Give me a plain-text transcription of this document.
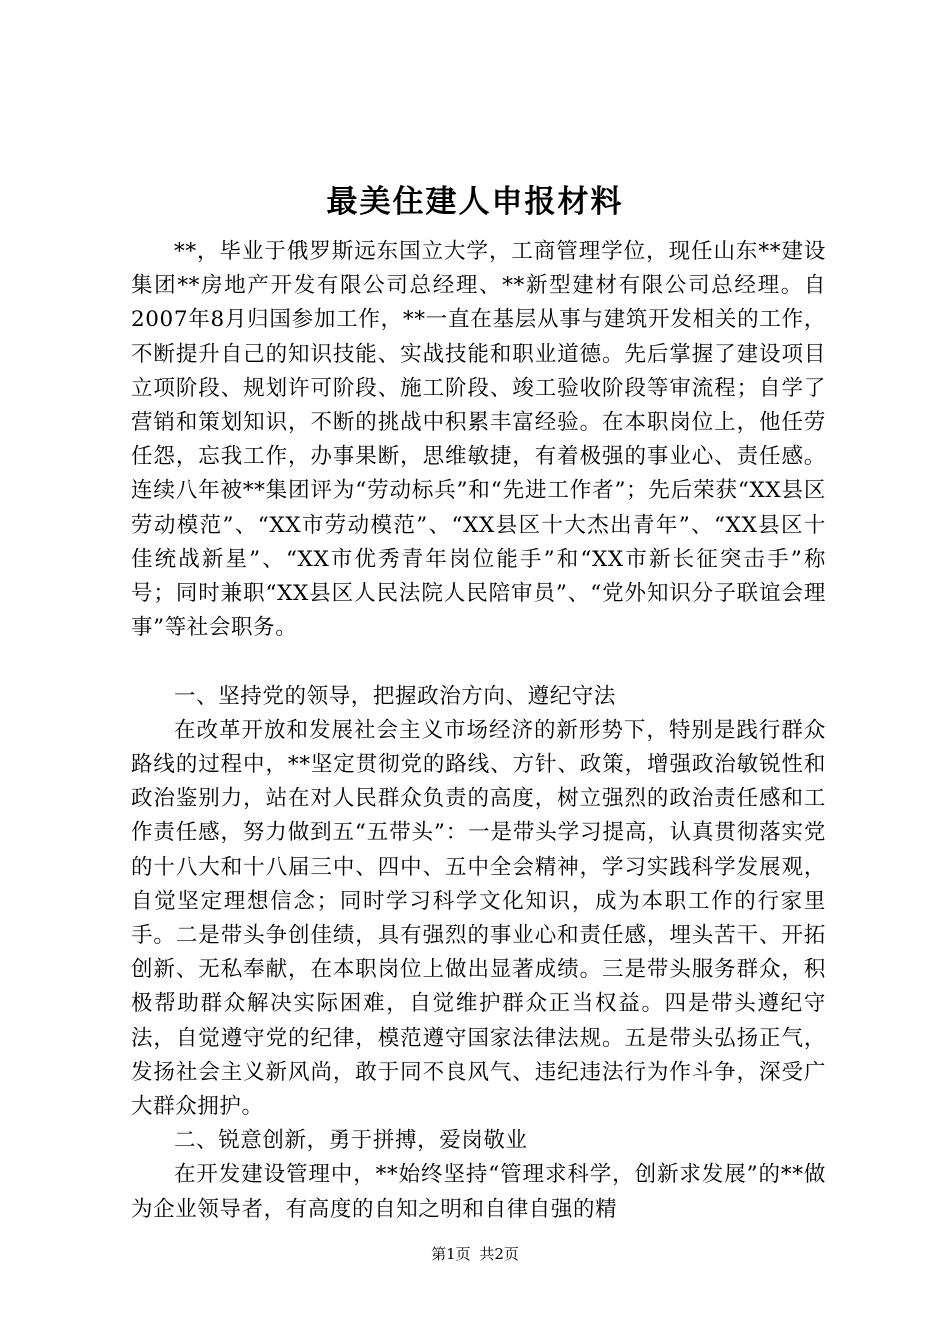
最美住建人申报材料

**，毕业于俄罗斯远东国立大学，工商管理学位，现任山东**建设集团**房地产开发有限公司总经理、**新型建材有限公司总经理。自2007年8月归国参加工作，**一直在基层从事与建筑开发相关的工作，不断提升自己的知识技能、实战技能和职业道德。先后掌握了建设项目立项阶段、规划许可阶段、施工阶段、竣工验收阶段等审流程；自学了营销和策划知识，不断的挑战中积累丰富经验。在本职岗位上，他任劳任怨，忘我工作，办事果断，思维敏捷，有着极强的事业心、责任感。连续八年被**集团评为“劳动标兵”和“先进工作者”；先后荣获“XX县区劳动模范”、“XX市劳动模范”、“XX县区十大杰出青年”、“XX县区十佳统战新星”、“XX市优秀青年岗位能手”和“XX市新长征突击手”称号；同时兼职“XX县区人民法院人民陪审员”、“党外知识分子联谊会理事”等社会职务。

一、坚持党的领导，把握政治方向、遵纪守法

在改革开放和发展社会主义市场经济的新形势下，特别是践行群众路线的过程中，**坚定贯彻党的路线、方针、政策，增强政治敏锐性和政治鉴别力，站在对人民群众负责的高度，树立强烈的政治责任感和工作责任感，努力做到五“五带头”：一是带头学习提高，认真贯彻落实党的十八大和十八届三中、四中、五中全会精神，学习实践科学发展观，自觉坚定理想信念；同时学习科学文化知识，成为本职工作的行家里手。二是带头争创佳绩，具有强烈的事业心和责任感，埋头苦干、开拓创新、无私奉献，在本职岗位上做出显著成绩。三是带头服务群众，积极帮助群众解决实际困难，自觉维护群众正当权益。四是带头遵纪守法，自觉遵守党的纪律，模范遵守国家法律法规。五是带头弘扬正气，发扬社会主义新风尚，敢于同不良风气、违纪违法行为作斗争，深受广大群众拥护。

二、锐意创新，勇于拼搏，爱岗敬业

在开发建设管理中，**始终坚持“管理求科学，创新求发展”的**做为企业领导者，有高度的自知之明和自律自强的精

第1页 共2页
